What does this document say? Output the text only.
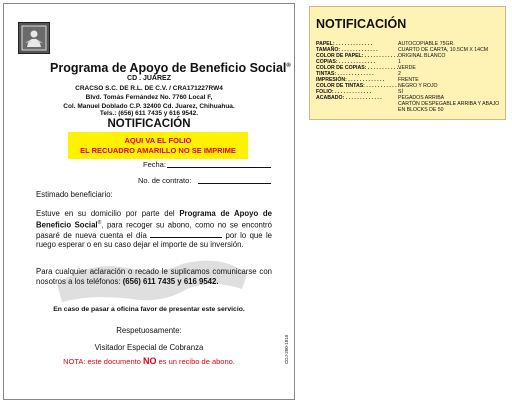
Programa de Apoyo de Beneficio Social®
CD . JUÁREZ
CRACSO S.C. DE R.L. DE C.V. / CRA171227RW4
Blvd. Tomás Fernández No. 7760 Local F,
Col. Manuel Doblado C.P. 32400 Cd. Juarez, Chihuahua.
Tels.: (656) 611 7435 y 616 9542.
NOTIFICACIÓN
AQUI VA EL FOLIO
EL RECUADRO AMARILLO NO SE IMPRIME
Fecha:
No. de contrato:
Estimado beneficiario:
Estuve en su domicilio por parte del Programa de Apoyo de Beneficio Social®, para recoger su abono, como no se encontró pasaré de nueva cuenta el día	por lo que le ruego esperar o en su caso dejar el importe de su inversión.
Para cualquier aclaración o recado le suplicamos comunicarse con nosotros a los teléfonos: (656) 611 7435 y 616 9542.
En caso de pasar a oficina favor de presentar este servicio.
Respetuosamente:
Visitador Especial de Cobranza
NOTA: este documento NO es un recibo de abono.	CDJ-200-1810
NOTIFICACIÓN
PAPEL: . . . . . . . . . . . . .	AUTOCOPIABLE 75GR.
TAMAÑO: . . . . . . . . . . . . .	CUARTO DE CARTA, 10.5CM X 14CM
COLOR DE PAPEL: . . . . . . . . . . . .ORIGINAL BLANCO
COPIAS: . . . . . . . . . . . . .	1
COLOR DE COPIAS: . . . . . . . . . . . .VERDE
TINTAS: . . . . . . . . . . . . .	2
IMPRESIÓN: . . . . . . . . . . . . .	FRENTE
COLOR DE TINTAS: . . . . . . . . . . . .NEGRO Y ROJO
FOLIO: . . . . . . . . . . . . .	SÍ
ACABADO: . . . . . . . . . . . . .	PEGADOS ARRIBA
CARTÓN DESPEGABLE ARRIBA Y ABAJO
EN BLOCKS DE 50
